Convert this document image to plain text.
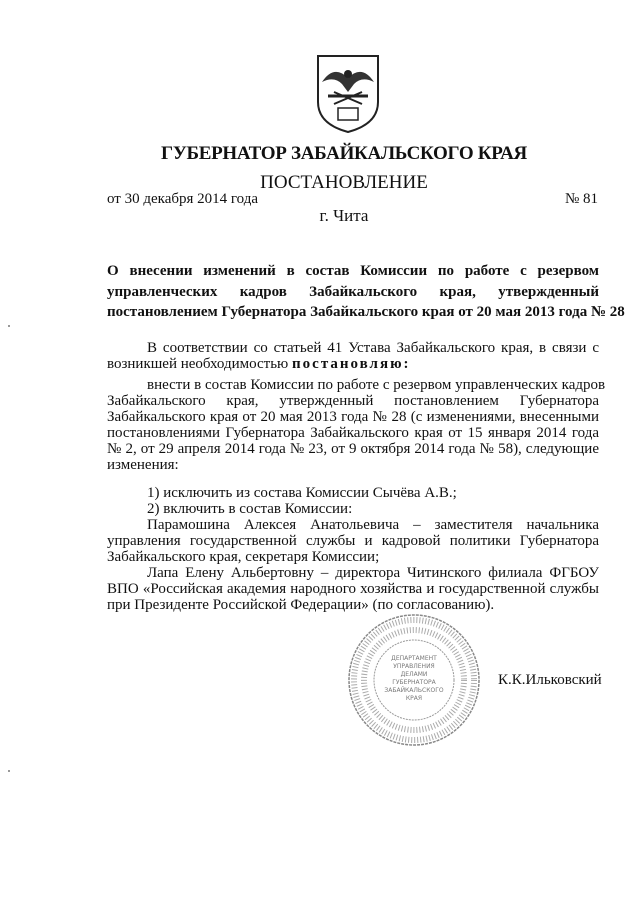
ГУБЕРНАТОР ЗАБАЙКАЛЬСКОГО КРАЯ
ПОСТАНОВЛЕНИЕ
от 30 декабря 2014 года	№ 81
г. Чита
О внесении изменений в состав Комиссии по работе с резервом
управленческих кадров Забайкальского края, утвержденный
постановлением Губернатора Забайкальского края от 20 мая 2013 года № 28
В соответствии со статьей 41 Устава Забайкальского края, в связи с
возникшей необходимостью постановляю:
внести в состав Комиссии по работе с резервом управленческих кадров
Забайкальского края, утвержденный постановлением Губернатора
Забайкальского края от 20 мая 2013 года № 28 (с изменениями, внесенными
постановлениями Губернатора Забайкальского края от 15 января 2014 года
№ 2, от 29 апреля 2014 года № 23, от 9 октября 2014 года № 58), следующие
изменения:
1) исключить из состава Комиссии Сычёва А.В.;
2) включить в состав Комиссии:
Парамошина Алексея Анатольевича – заместителя начальника
управления государственной службы и кадровой политики Губернатора
Забайкальского края, секретаря Комиссии;
Лапа Елену Альбертовну – директора Читинского филиала ФГБОУ
ВПО «Российская академия народного хозяйства и государственной службы
при Президенте Российской Федерации» (по согласованию).
ДЕПАРТАМЕНТ
УПРАВЛЕНИЯ
ДЕЛАМИ
ГУБЕРНАТОРА
ЗАБАЙКАЛЬСКОГО
КРАЯ
К.К.Ильковский
